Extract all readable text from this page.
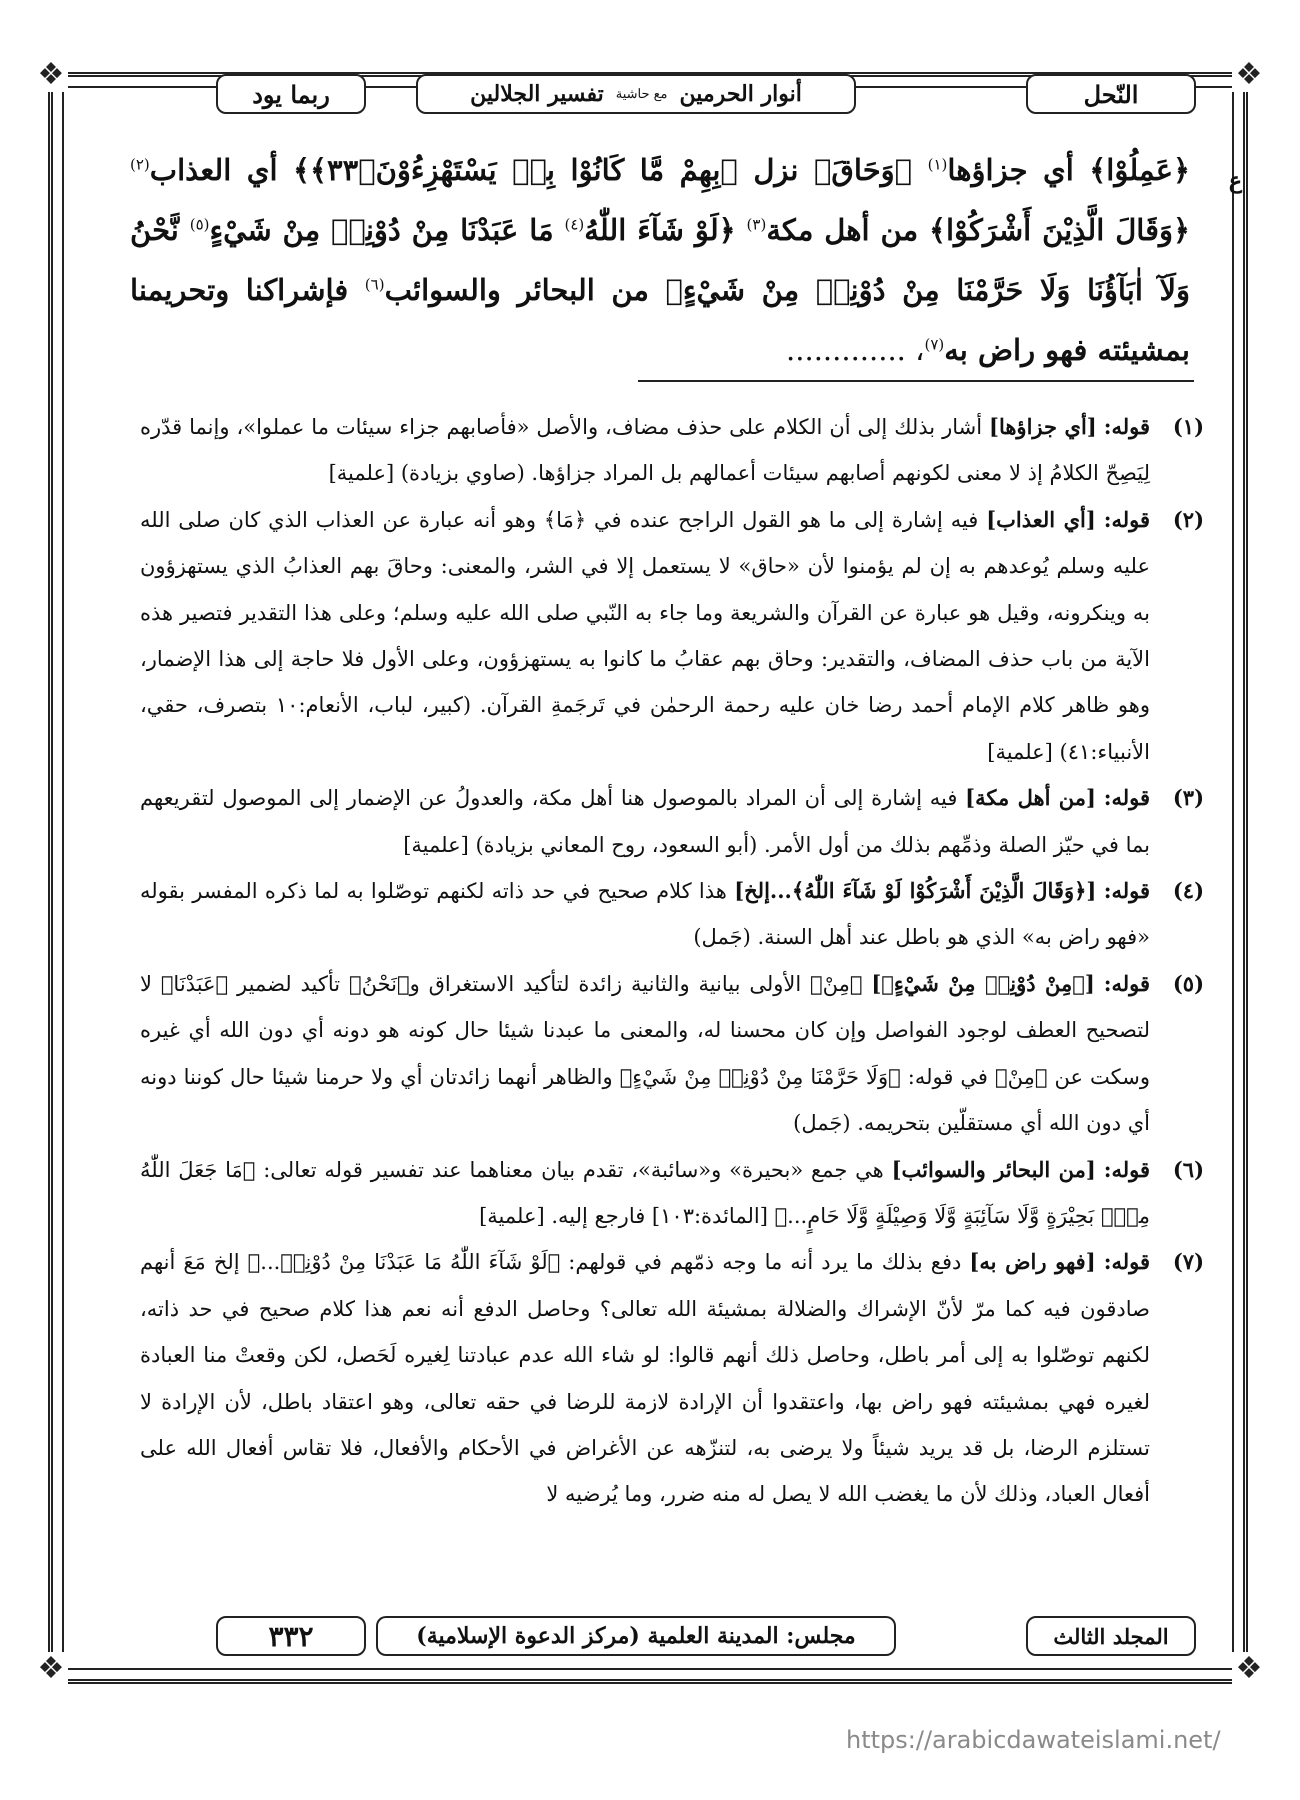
❖	❖
❖	❖
النّحل
أنوار الحرمين
مع حاشية
تفسير الجلالين
ربما يود
ع

﴿عَمِلُوْا﴾ أي جزاؤها$^{(١)}$ ﴿وَحَاقَ﴾ نزل ﴿بِهِمْ مَّا كَانُوْا بِهٖ يَسْتَهْزِءُوْنَ﴿۳۳﴾﴾ أي العذاب$^{(٢)}$ ﴿وَقَالَ الَّذِيْنَ أَشْرَكُوْا﴾ من أهل مكة$^{(٣)}$ ﴿لَوْ شَآءَ اللّٰهُ$^{(٤)}$ مَا عَبَدْنَا مِنْ دُوْنِهٖ مِنْ شَيْءٍ$^{(٥)}$ نَّحْنُ وَلَآ اٰبَآؤُنَا وَلَا حَرَّمْنَا مِنْ دُوْنِهٖ مِنْ شَيْءٍ﴾ من البحائر والسوائب$^{(٦)}$ فإشراكنا وتحريمنا بمشيئته فهو راض به$^{(٧)}$، .............

(١)
قوله: [أي جزاؤها] أشار بذلك إلى أن الكلام على حذف مضاف، والأصل «فأصابهم جزاء سيئات ما عملوا»، وإنما قدّره لِيَصِحّ الكلامُ إذ لا معنى لكونهم أصابهم سيئات أعمالهم بل المراد جزاؤها. (صاوي بزيادة) [علمية]
(٢)
قوله: [أي العذاب] فيه إشارة إلى ما هو القول الراجح عنده في ﴿مَا﴾ وهو أنه عبارة عن العذاب الذي كان صلى الله عليه وسلم يُوعدهم به إن لم يؤمنوا لأن «حاق» لا يستعمل إلا في الشر، والمعنى: وحاقَ بهم العذابُ الذي يستهزؤون به وينكرونه، وقيل هو عبارة عن القرآن والشريعة وما جاء به النّبي صلى الله عليه وسلم؛ وعلى هذا التقدير فتصير هذه الآية من باب حذف المضاف، والتقدير: وحاق بهم عقابُ ما كانوا به يستهزؤون، وعلى الأول فلا حاجة إلى هذا الإضمار، وهو ظاهر كلام الإمام أحمد رضا خان عليه رحمة الرحمٰن في تَرجَمةِ القرآن. (كبير، لباب، الأنعام:١٠ بتصرف، حقي، الأنبياء:٤١) [علمية]
(٣)
قوله: [من أهل مكة] فيه إشارة إلى أن المراد بالموصول هنا أهل مكة، والعدولُ عن الإضمار إلى الموصول لتقريعهم بما في حيّز الصلة وذمِّهم بذلك من أول الأمر. (أبو السعود، روح المعاني بزيادة) [علمية]
(٤)
قوله: [﴿وَقَالَ الَّذِيْنَ أَشْرَكُوْا لَوْ شَآءَ اللّٰهُ﴾...إلخ] هذا كلام صحيح في حد ذاته لكنهم توصّلوا به لما ذكره المفسر بقوله «فهو راض به» الذي هو باطل عند أهل السنة. (جَمل)
(٥)
قوله: [﴿مِنْ دُوْنِهٖ مِنْ شَيْءٍ﴾] ﴿مِنْ﴾ الأولى بيانية والثانية زائدة لتأكيد الاستغراق و﴿نَحْنُ﴾ تأكيد لضمير ﴿عَبَدْنَا﴾ لا لتصحيح العطف لوجود الفواصل وإن كان محسنا له، والمعنى ما عبدنا شيئا حال كونه هو دونه أي دون الله أي غيره وسكت عن ﴿مِنْ﴾ في قوله: ﴿وَلَا حَرَّمْنَا مِنْ دُوْنِهٖ مِنْ شَيْءٍ﴾ والظاهر أنهما زائدتان أي ولا حرمنا شيئا حال كوننا دونه أي دون الله أي مستقلّين بتحريمه. (جَمل)
(٦)
قوله: [من البحائر والسوائب] هي جمع «بحيرة» و«سائبة»، تقدم بيان معناهما عند تفسير قوله تعالى: ﴿مَا جَعَلَ اللّٰهُ مِنْۢ بَحِيْرَةٍ وَّلَا سَآئِبَةٍ وَّلَا وَصِيْلَةٍ وَّلَا حَامٍ...﴾ [المائدة:١٠٣] فارجع إليه. [علمية]
(٧)
قوله: [فهو راض به] دفع بذلك ما يرد أنه ما وجه ذمّهم في قولهم: ﴿لَوْ شَآءَ اللّٰهُ مَا عَبَدْنَا مِنْ دُوْنِهٖ...﴾ إلخ مَعَ أنهم صادقون فيه كما مرّ لأنّ الإشراك والضلالة بمشيئة الله تعالى؟ وحاصل الدفع أنه نعم هذا كلام صحيح في حد ذاته، لكنهم توصّلوا به إلى أمر باطل، وحاصل ذلك أنهم قالوا: لو شاء الله عدم عبادتنا لِغيره لَحَصل، لكن وقعتْ منا العبادة لغيره فهي بمشيئته فهو راض بها، واعتقدوا أن الإرادة لازمة للرضا في حقه تعالى، وهو اعتقاد باطل، لأن الإرادة لا تستلزم الرضا، بل قد يريد شيئاً ولا يرضى به، لتنزّهه عن الأغراض في الأحكام والأفعال، فلا تقاس أفعال الله على أفعال العباد، وذلك لأن ما يغضب الله لا يصل له منه ضرر، وما يُرضيه لا
المجلد الثالث
مجلس: المدينة العلمية (مركز الدعوة الإسلامية)
٣٣٢
https://arabicdawateislami.net/
